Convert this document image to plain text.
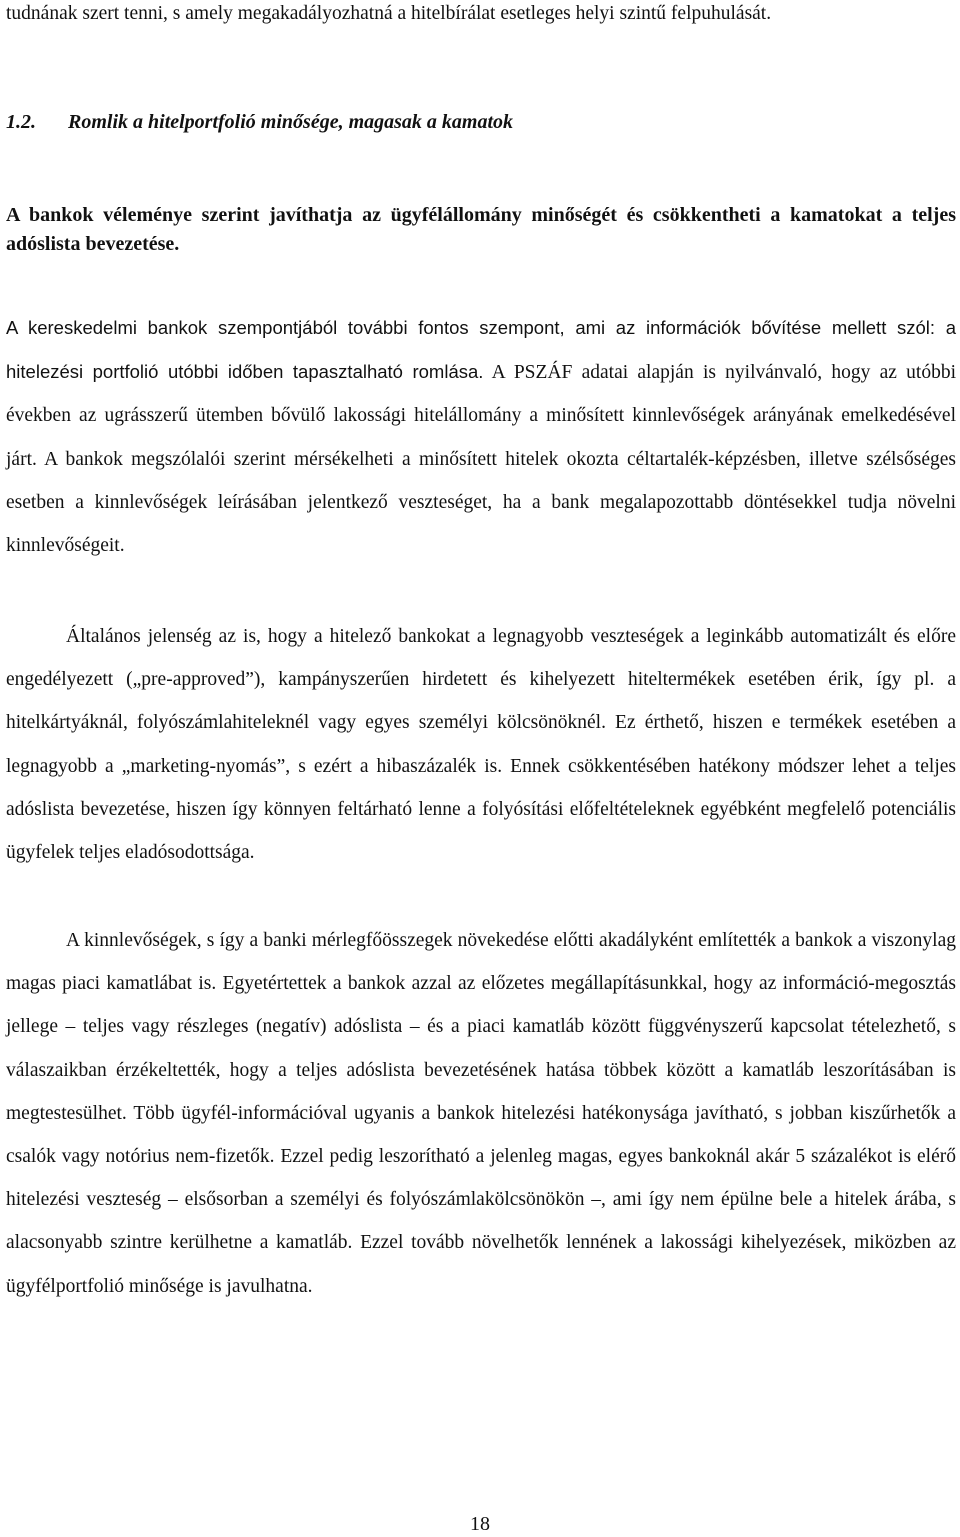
tudnának szert tenni, s amely megakadályozhatná a hitelbírálat esetleges helyi szintű felpuhulását.

1.2. Romlik a hitelportfolió minősége, magasak a kamatok

A bankok véleménye szerint javíthatja az ügyfélállomány minőségét és csökkentheti a kamatokat a teljes adóslista bevezetése.

A kereskedelmi bankok szempontjából további fontos szempont, ami az információk bővítése mellett szól: a hitelezési portfolió utóbbi időben tapasztalható romlása. A PSZÁF adatai alapján is nyilvánvaló, hogy az utóbbi években az ugrásszerű ütemben bővülő lakossági hitelállomány a minősített kinnlevőségek arányának emelkedésével járt. A bankok megszólalói szerint mérsékelheti a minősített hitelek okozta céltartalék-képzésben, illetve szélsőséges esetben a kinnlevőségek leírásában jelentkező veszteséget, ha a bank megalapozottabb döntésekkel tudja növelni kinnlevőségeit.

Általános jelenség az is, hogy a hitelező bankokat a legnagyobb veszteségek a leginkább automatizált és előre engedélyezett („pre-approved”), kampányszerűen hirdetett és kihelyezett hiteltermékek esetében érik, így pl. a hitelkártyáknál, folyószámlahiteleknél vagy egyes személyi kölcsönöknél. Ez érthető, hiszen e termékek esetében a legnagyobb a „marketing-nyomás”, s ezért a hibaszázalék is. Ennek csökkentésében hatékony módszer lehet a teljes adóslista bevezetése, hiszen így könnyen feltárható lenne a folyósítási előfeltételeknek egyébként megfelelő potenciális ügyfelek teljes eladósodottsága.

A kinnlevőségek, s így a banki mérlegfőösszegek növekedése előtti akadályként említették a bankok a viszonylag magas piaci kamatlábat is. Egyetértettek a bankok azzal az előzetes megállapításunkkal, hogy az információ-megosztás jellege – teljes vagy részleges (negatív) adóslista – és a piaci kamatláb között függvényszerű kapcsolat tételezhető, s válaszaikban érzékeltették, hogy a teljes adóslista bevezetésének hatása többek között a kamatláb leszorításában is megtestesülhet. Több ügyfél-információval ugyanis a bankok hitelezési hatékonysága javítható, s jobban kiszűrhetők a csalók vagy notórius nem-fizetők. Ezzel pedig leszorítható a jelenleg magas, egyes bankoknál akár 5 százalékot is elérő hitelezési veszteség – elsősorban a személyi és folyószámlakölcsönökön –, ami így nem épülne bele a hitelek árába, s alacsonyabb szintre kerülhetne a kamatláb. Ezzel tovább növelhetők lennének a lakossági kihelyezések, miközben az ügyfélportfolió minősége is javulhatna.

18
